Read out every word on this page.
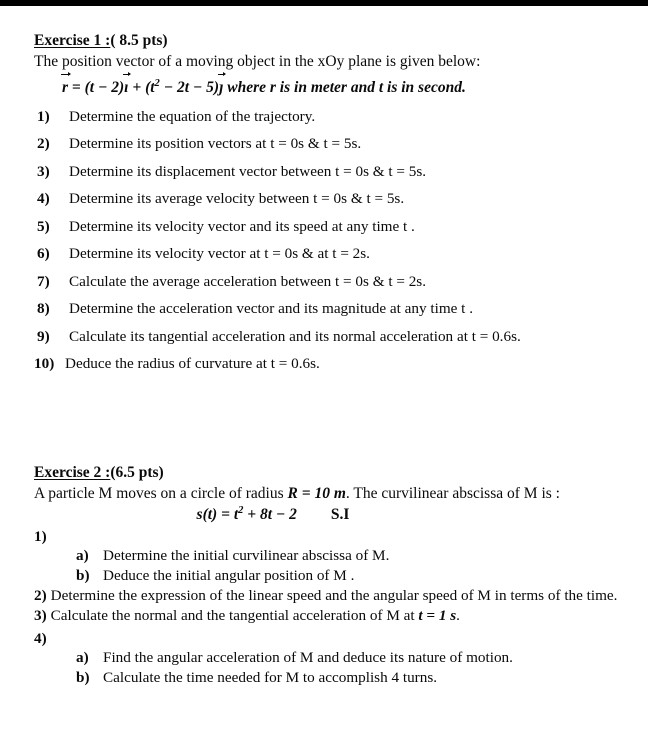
Exercise 1 :( 8.5 pts)

The position vector of a moving object in the xOy plane is given below:

r = (t − 2)ı + ($t^2 - 2t$ − 5)ȷ where r is in meter and t is in second.
1) Determine the equation of the trajectory.
2) Determine its position vectors at t = 0s & t = 5s.
3) Determine its displacement vector between t = 0s & t = 5s.
4) Determine its average velocity between t = 0s & t = 5s.
5) Determine its velocity vector and its speed at any time t .
6) Determine its velocity vector at t = 0s & at t = 2s.
7) Calculate the average acceleration between t = 0s & t = 2s.
8) Determine the acceleration vector and its magnitude at any time t .
9) Calculate its tangential acceleration and its normal acceleration at t = 0.6s.
10) Deduce the radius of curvature at t = 0.6s.
Exercise 2 :(6.5 pts)

A particle M moves on a circle of radius R = 10 m. The curvilinear abscissa of M is :

$s(t) = t^2 + 8t - 2$ S.I

1)

a) Determine the initial curvilinear abscissa of M.
b) Deduce the initial angular position of M .

2) Determine the expression of the linear speed and the angular speed of M in terms of the time.

3) Calculate the normal and the tangential acceleration of M at t = 1 s.

4)

a) Find the angular acceleration of M and deduce its nature of motion.
b) Calculate the time needed for M to accomplish 4 turns.
